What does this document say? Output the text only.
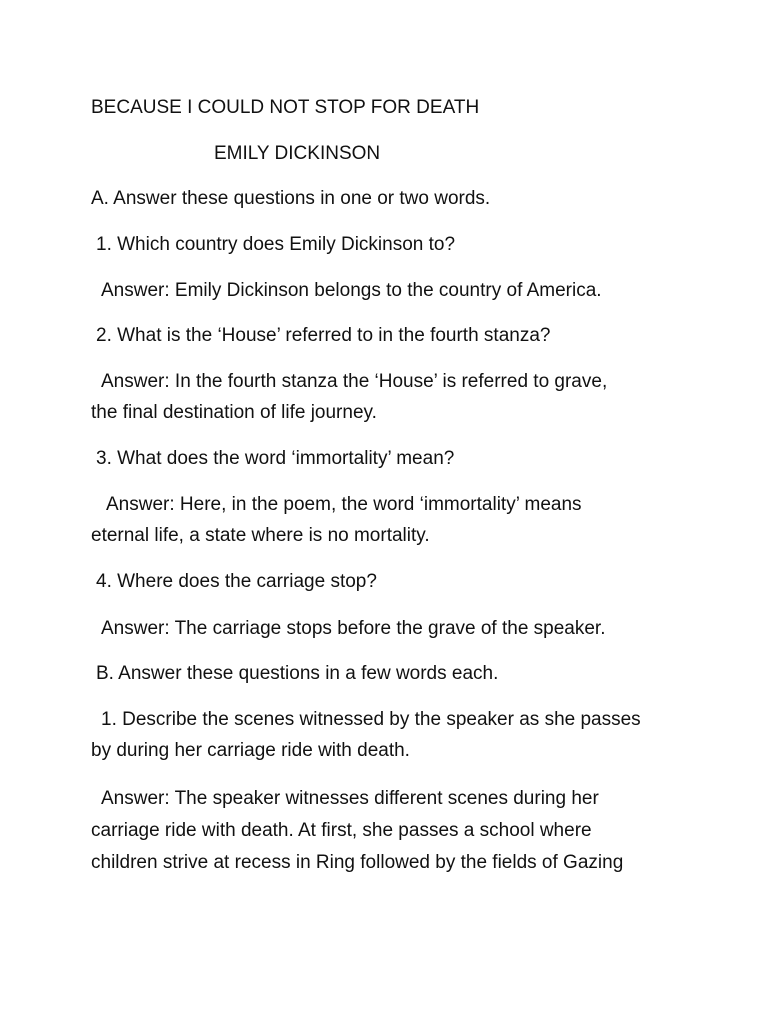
BECAUSE I COULD NOT STOP FOR DEATH
EMILY DICKINSON
A. Answer these questions in one or two words.
1. Which country does Emily Dickinson to?
Answer: Emily Dickinson belongs to the country of America.
2. What is the ‘House’ referred to in the fourth stanza?
Answer: In the fourth stanza the ‘House’ is referred to grave,
the final destination of life journey.
3. What does the word ‘immortality’ mean?
Answer: Here, in the poem, the word ‘immortality’ means
eternal life, a state where is no mortality.
4. Where does the carriage stop?
Answer: The carriage stops before the grave of the speaker.
B. Answer these questions in a few words each.
1. Describe the scenes witnessed by the speaker as she passes
by during her carriage ride with death.
Answer: The speaker witnesses different scenes during her
carriage ride with death. At first, she passes a school where
children strive at recess in Ring followed by the fields of Gazing
